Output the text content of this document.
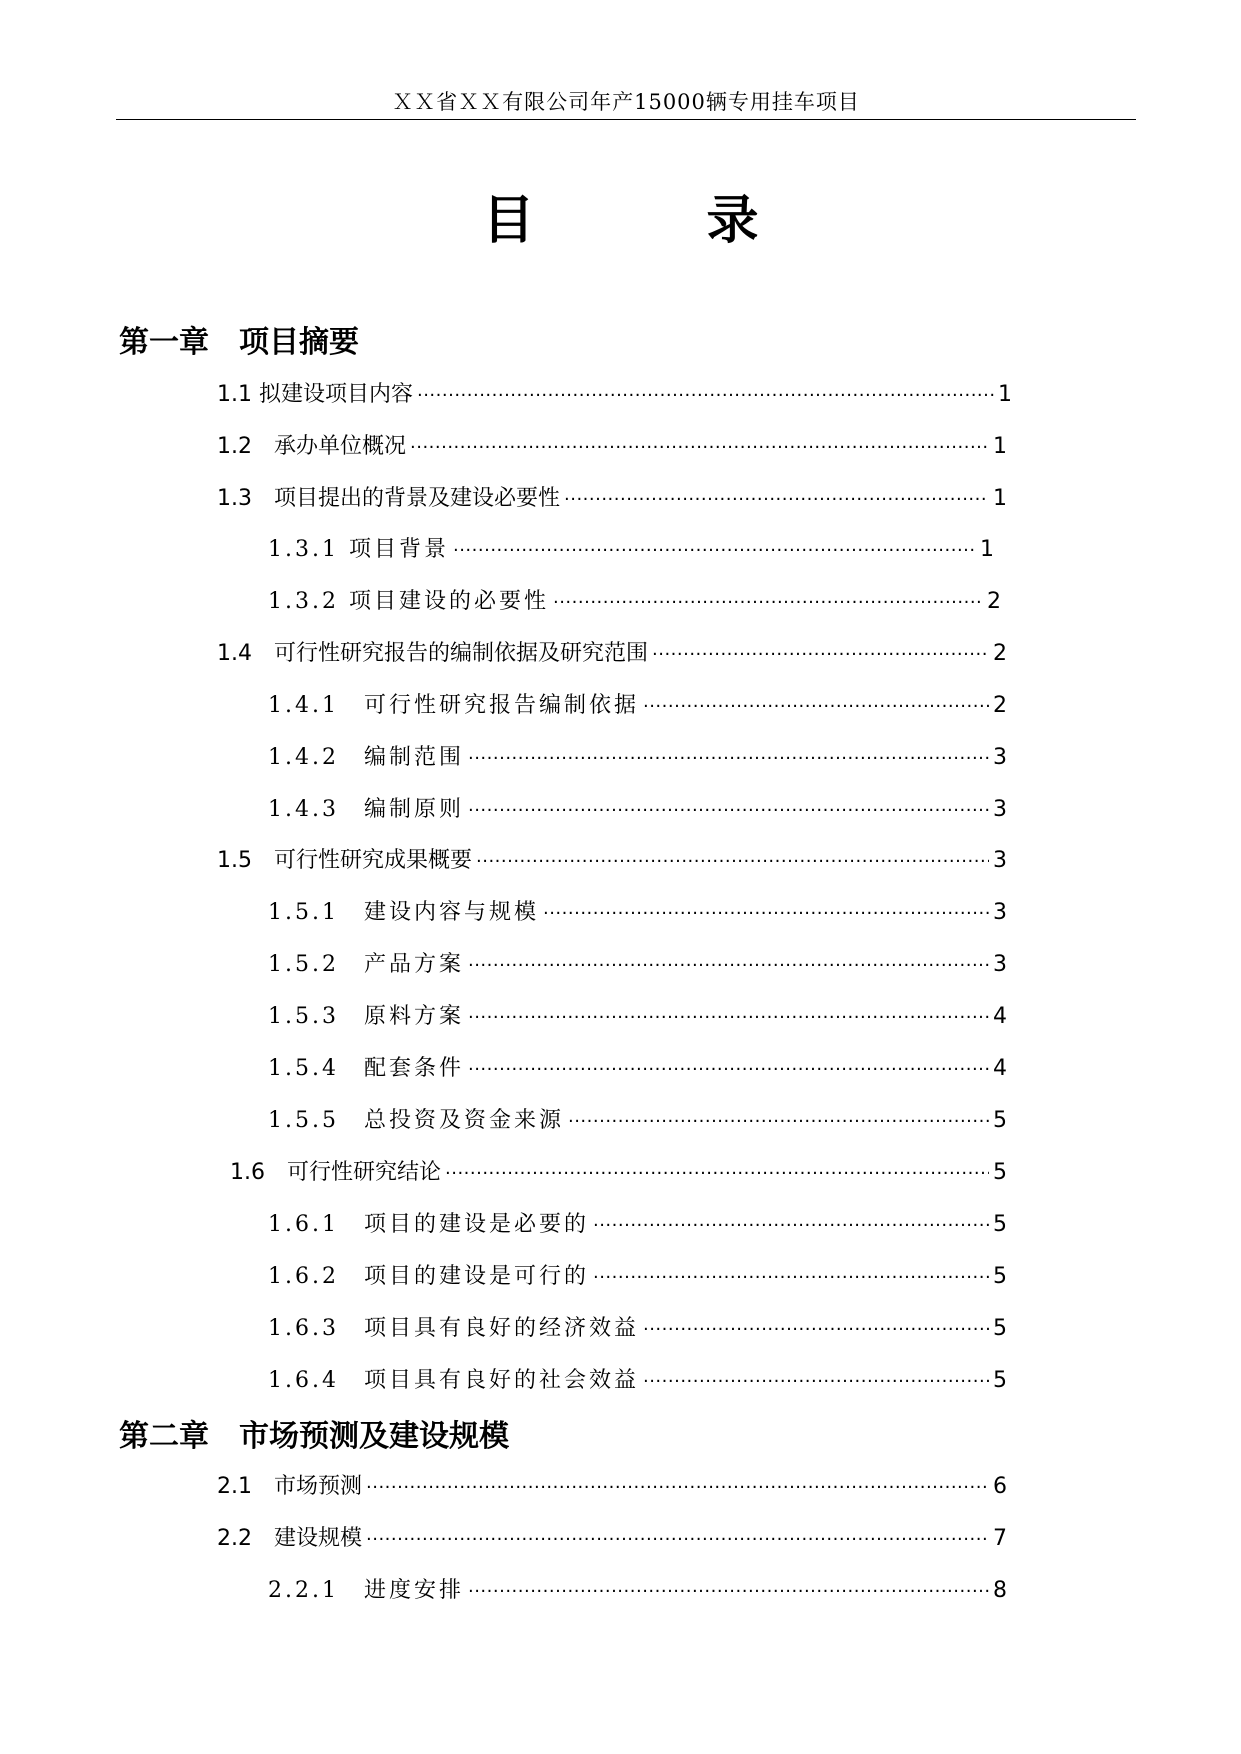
ＸＸ省ＸＸ有限公司年产15000辆专用挂车项目
目　录
第一章　项目摘要
1.1 拟建设项目内容 ·····	1
1.2　承办单位概况 ·····	1
1.3　项目提出的背景及建设必要性 ·····	1
1.3.1 项目背景 ·····	1
1.3.2 项目建设的必要性 ·····	2
1.4　可行性研究报告的编制依据及研究范围 ·····	2
1.4.1　可行性研究报告编制依据 ·····	2
1.4.2　编制范围 ·····	3
1.4.3　编制原则 ·····	3
1.5　可行性研究成果概要 ·····	3
1.5.1　建设内容与规模 ·····	3
1.5.2　产品方案 ·····	3
1.5.3　原料方案 ·····	4
1.5.4　配套条件 ·····	4
1.5.5　总投资及资金来源 ·····	5
1.6　可行性研究结论 ·····	5
1.6.1　项目的建设是必要的 ·····	5
1.6.2　项目的建设是可行的 ·····	5
1.6.3　项目具有良好的经济效益 ·····	5
1.6.4　项目具有良好的社会效益 ·····	5
第二章　市场预测及建设规模
2.1　市场预测 ·····	6
2.2　建设规模 ·····	7
2.2.1　进度安排 ·····	8
